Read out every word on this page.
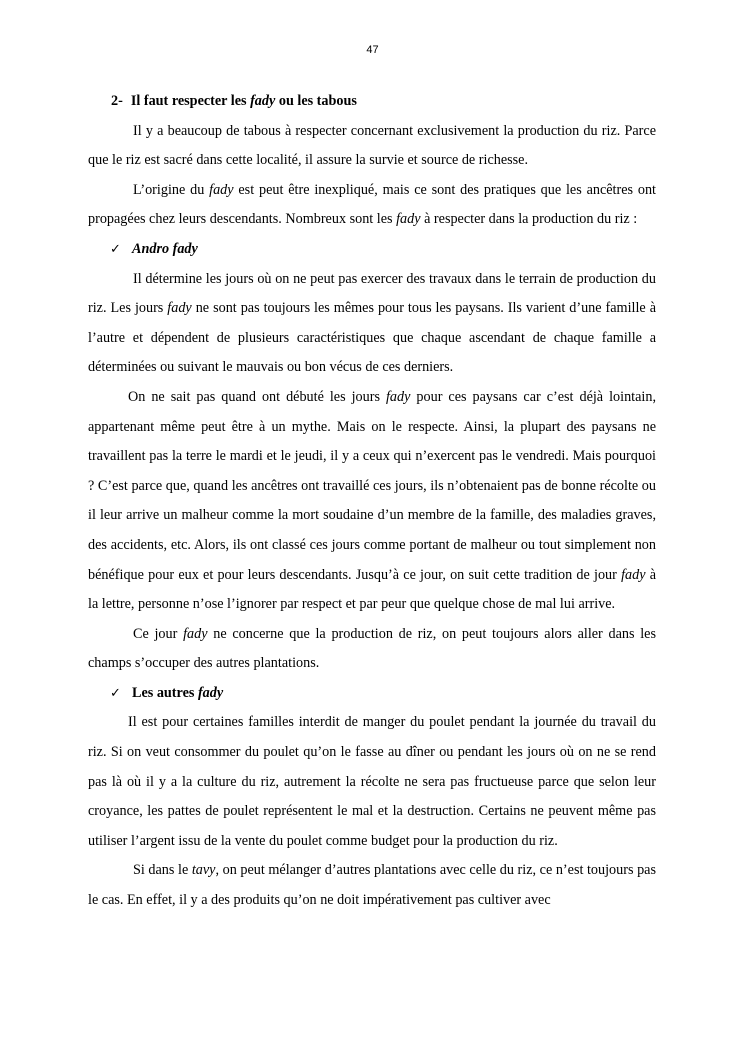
47
2- Il faut respecter les fady ou les tabous

Il y a beaucoup de tabous à respecter concernant exclusivement la production du riz. Parce que le riz est sacré dans cette localité, il assure la survie et source de richesse.

L’origine du fady est peut être inexpliqué, mais ce sont des pratiques que les ancêtres ont propagées chez leurs descendants. Nombreux sont les fady à respecter dans la production du riz :

✓ Andro fady

Il détermine les jours où on ne peut pas exercer des travaux dans le terrain de production du riz. Les jours fady ne sont pas toujours les mêmes pour tous les paysans. Ils varient d’une famille à l’autre et dépendent de plusieurs caractéristiques que chaque ascendant de chaque famille a déterminées ou suivant le mauvais ou bon vécus de ces derniers.

On ne sait pas quand ont débuté les jours fady pour ces paysans car c’est déjà lointain, appartenant même peut être à un mythe. Mais on le respecte. Ainsi, la plupart des paysans ne travaillent pas la terre le mardi et le jeudi, il y a ceux qui n’exercent pas le vendredi. Mais pourquoi ? C’est parce que, quand les ancêtres ont travaillé ces jours, ils n’obtenaient pas de bonne récolte ou il leur arrive un malheur comme la mort soudaine d’un membre de la famille, des maladies graves, des accidents, etc. Alors, ils ont classé ces jours comme portant de malheur ou tout simplement non bénéfique pour eux et pour leurs descendants. Jusqu’à ce jour, on suit cette tradition de jour fady à la lettre, personne n’ose l’ignorer par respect et par peur que quelque chose de mal lui arrive.

Ce jour fady ne concerne que la production de riz, on peut toujours alors aller dans les champs s’occuper des autres plantations.

✓ Les autres fady

Il est pour certaines familles interdit de manger du poulet pendant la journée du travail du riz. Si on veut consommer du poulet qu’on le fasse au dîner ou pendant les jours où on ne se rend pas là où il y a la culture du riz, autrement la récolte ne sera pas fructueuse parce que selon leur croyance, les pattes de poulet représentent le mal et la destruction. Certains ne peuvent même pas utiliser l’argent issu de la vente du poulet comme budget pour la production du riz.

Si dans le tavy, on peut mélanger d’autres plantations avec celle du riz, ce n’est toujours pas le cas. En effet, il y a des produits qu’on ne doit impérativement pas cultiver avec
